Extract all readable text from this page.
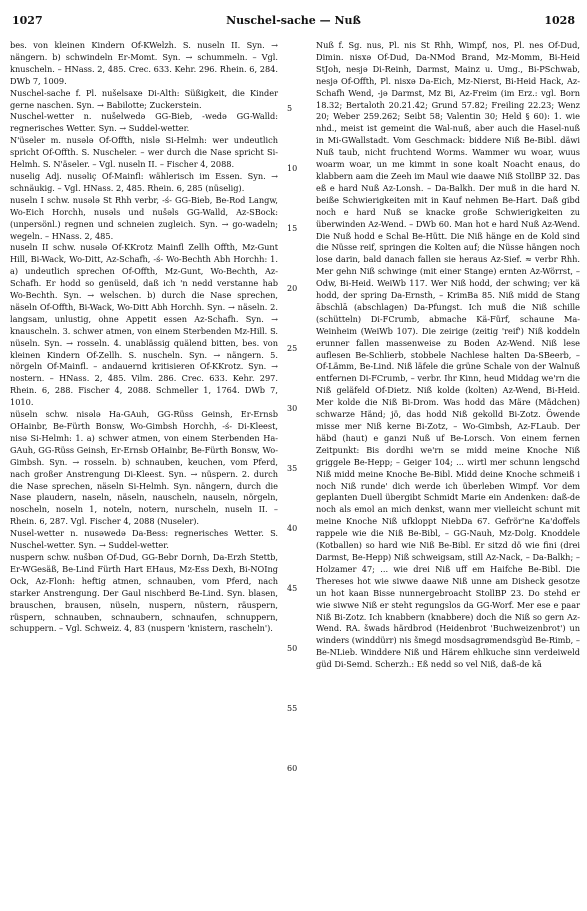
1027	Nuschel-sache — Nuß	1028

bes. von kleinen Kindern Of-KWelzh. S. nuseln II. Syn. → nängern. b) schwindeln Er-Momt. Syn. → schummeln. – Vgl. knuscheln. – HNass. 2, 485. Crec. 633. Kehr. 296. Rhein. 6, 284. DWb 7, 1009.

Nuschel-sache f. Pl. nušelsaxe Di-Alth: Süßigkeit, die Kinder gerne naschen. Syn. → Babilotte; Zuckerstein.

Nuschel-wetter n. nušelwedə GG-Bieb, -wedə GG-Walld: regnerisches Wetter. Syn. → Suddel-wetter.

N'üseler m. nusələ Of-Offth, nislə Si-Helmh: wer undeutlich spricht Of-Offth. S. Nuscheler. – wer durch die Nase spricht Si-Helmh. S. N'äseler. – Vgl. nuseln II. – Fischer 4, 2088.

nuselig Adj. nusəliç Of-Mainfl: wählerisch im Essen. Syn. → schnäukig. – Vgl. HNass. 2, 485. Rhein. 6, 285 (nüselig).

nuseln I schw. nusələ St Rhh verbr, -ś- GG-Bieb, Be-Rod Langw, Wo-Eich Horchh, nusəls und nušəls GG-Walld, Az-SBock: (unpersönl.) regnen und schneien zugleich. Syn. → go-wadeln; wegeln. – HNass. 2, 485.

nuseln II schw. nusələ Of-KKrotz Mainfl Zellh Offth, Mz-Gunt Hill, Bi-Wack, Wo-Ditt, Az-Schafh, -ś- Wo-Bechth Abh Horchh: 1. a) undeutlich sprechen Of-Offth, Mz-Gunt, Wo-Bechth, Az-Schafh. Er hodd so genüseld, daß ich 'n nedd verstanne hab Wo-Bechth. Syn. → welschen. b) durch die Nase sprechen, näseln Of-Offth, Bi-Wack, Wo-Ditt Abh Horchh. Syn. → näseln. 2. langsam, unlustig, ohne Appetit essen Az-Schafh. Syn. → knauscheln. 3. schwer atmen, von einem Sterbenden Mz-Hill. S. nüseln. Syn. → rosseln. 4. unablässig quälend bitten, bes. von kleinen Kindern Of-Zellh. S. nuscheln. Syn. → nängern. 5. nörgeln Of-Mainfl. – andauernd kritisieren Of-KKrotz. Syn. → nostern. – HNass. 2, 485. Vilm. 286. Crec. 633. Kehr. 297. Rhein. 6, 288. Fischer 4, 2088. Schmeller 1, 1764. DWb 7, 1010.

nüseln schw. nisələ Ha-GAuh, GG-Rüss Geinsh, Er-Ernsb OHainbr, Be-Fürth Bonsw, Wo-Gimbsh Horchh, -ś- Di-Kleest, nisə Si-Helmh: 1. a) schwer atmen, von einem Sterbenden Ha-GAuh, GG-Rüss Geinsh, Er-Ernsb OHainbr, Be-Fürth Bonsw, Wo-Gimbsh. Syn. → rosseln. b) schnauben, keuchen, vom Pferd, nach großer Anstrengung Di-Kleest. Syn. → nüspern. 2. durch die Nase sprechen, näseln Si-Helmh. Syn. nängern, durch die Nase plaudern, naseln, näseln, nauscheln, nauseln, nörgeln, noscheln, noseln 1, noteln, notern, nurscheln, nuseln II. – Rhein. 6, 287. Vgl. Fischer 4, 2088 (Nuseler).

Nusel-wetter n. nusəwedə Da-Bess: regnerisches Wetter. S. Nuschel-wetter. Syn. → Suddel-wetter.

nuspern schw. nušbən Of-Dud, GG-Bebr Dornh, Da-Erzh Stettb, Er-WGesäß, Be-Lind Fürth Hart EHaus, Mz-Ess Dexh, Bi-NOIng Ock, Az-Flonh: heftig atmen, schnauben, vom Pferd, nach starker Anstrengung. Der Gaul nischberd Be-Lind. Syn. blasen, brauschen, brausen, nüseln, nuspern, nüstern, räuspern, rüspern, schnauben, schnaubern, schnaufen, schnuppern, schuppern. – Vgl. Schweiz. 4, 83 (nuspern 'knistern, rascheln').

5
10
15
20
25
30
35
40
45
50
55
60

Nuß f. Sg. nus, Pl. nis St Rhh, Wimpf, nos, Pl. nes Of-Dud, Dimin. nisxə Of-Dud, Da-NMod Brand, Mz-Momm, Bi-Heid StJoh, nesjə Di-Reinh, Darmst, Mainz u. Umg., Bi-PSchwab, nesjə Of-Offth, Pl. nisxə Da-Eich, Mz-Nierst, Bi-Heid Hack, Az-Schafh Wend, -jə Darmst, Mz Bi, Az-Freim (im Erz.: vgl. Born 18.32; Bertaloth 20.21.42; Grund 57.82; Freiling 22.23; Wenz 20; Weber 259.262; Seibt 58; Valentin 30; Held § 60): 1. wie nhd., meist ist gemeint die Wal-nuß, aber auch die Hasel-nuß in Mi-GWallstadt. Vom Geschmack: biddere Niß Be-Bibl. däwi Nuß taub, nicht fruchtend Worms. Wammer wu woar, wuus woarm woar, un me kimmt in sone koalt Noacht enaus, do klabbern aam die Zeeh im Maul wie daawe Niß StollBP 32. Das eß e hard Nuß Az-Lonsh. – Da-Balkh. Der muß in die hard N. beiße Schwierigkeiten mit in Kauf nehmen Be-Hart. Daß gibd noch e hard Nuß se knacke große Schwierigkeiten zu überwinden Az-Wend. – DWb 60. Man hot e hard Nuß Az-Wend. Die Nuß hodd e Schal Be-Hütt. Die Niß hänge en de Kold sind die Nüsse reif, springen die Kolten auf; die Nüsse hängen noch lose darin, bald danach fallen sie heraus Az-Sief. ≈ verbr Rhh. Mer gehn Niß schwinge (mit einer Stange) ernten Az-Wörrst, – Odw, Bi-Heid. WeiWb 117. Wer Niß hodd, der schwing; ver kä hodd, der spring Da-Ernsth, – KrimBa 85. Niß midd de Stang ābschlā (abschlagen) Da-Pfungst. Ich muß die Niß schille (schütteln) Di-FCrumb, abmache Kä-Fürf, schaune Ma-Weinheim (WeiWb 107). Die zeirige (zeitig 'reif') Niß koddeln erunner fallen massenweise zu Boden Az-Wend. Niß lese auflesen Be-Schlierb, stobbele Nachlese halten Da-SBeerb, – Of-Lämm, Be-Lind. Niß läfele die grüne Schale von der Walnuß entfernen Di-FCrumb, – verbr. Ihr Kinn, heud Middag we'rn die Niß geläfeld Of-Dietz. Niß kolde (kolten) Az-Wend, Bi-Heid. Mer kolde die Niß Bi-Drom. Was hodd das Märe (Mädchen) schwarze Händ; jö, das hodd Niß gekolld Bi-Zotz. Öwende misse mer Niß kerne Bi-Zotz, – Wo-Gimbsh, Az-FLaub. Der häbd (haut) e ganzi Nuß uf Be-Lorsch. Von einem fernen Zeitpunkt: Bis dordhi we'rn se midd meine Knoche Niß griggele Be-Hepp; – Geiger 104; ... wirtl mer schunn lengschd Niß midd meine Knoche Be-Bibl. Midd deine Knoche schmeiß i noch Niß runde' dich werde ich überleben Wimpf. Vor dem geplanten Duell übergibt Schmidt Marie ein Andenken: daß-de noch als emol an mich denkst, wann mer vielleicht schunt mit meine Knoche Niß ufkloppt NiebDa 67. Gefrör'ne Ka'doffels rappele wie die Niß Be-Bibl, – GG-Nauh, Mz-Dolg. Knoddele (Kotballen) so hard wie Niß Be-Bibl. Er sitzd dö wie fini (drei Darmst, Be-Hepp) Niß schweigsam, still Az-Nack, – Da-Balkh; – Holzamer 47; ... wie drei Niß uff em Haifche Be-Bibl. Die Thereses hot wie siwwe daawe Niß unne am Disheck gesotze un hot kaan Bisse nunnergebroacht StollBP 23. Do stehd er wie siwwe Niß er steht regungslos da GG-Worf. Mer ese e paar Niß Bi-Zotz. Ich knabbern (knabbere) doch die Niß so gern Az-Wend. RA. šwads härdbrod (Heidenbrot 'Buchweizenbrot') un winders (winddürr) nis šmegd mosdsagrømendsgùd Be-Rimb, – Be-NLieb. Winddere Niß und Härem ehlkuche sinn verdeiweld güd Di-Semd. Scherzh.: Eß nedd so vel Niß, daß-de kā
